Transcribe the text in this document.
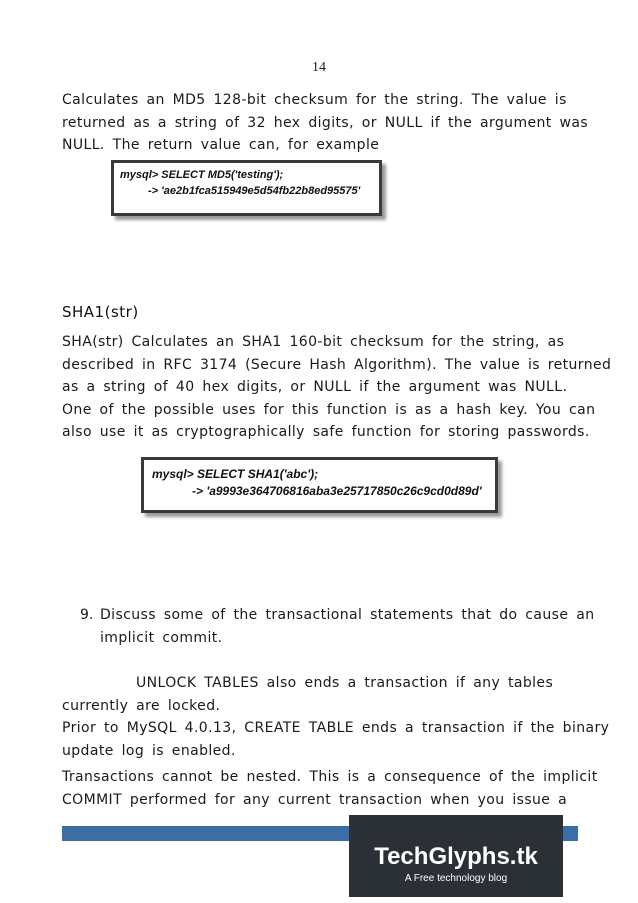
14
Calculates an MD5 128-bit checksum for the string. The value is
returned as a string of 32 hex digits, or NULL if the argument was
NULL. The return value can, for example
mysql> SELECT MD5('testing');
-> 'ae2b1fca515949e5d54fb22b8ed95575'
SHA1(str)
SHA(str) Calculates an SHA1 160-bit checksum for the string, as
described in RFC 3174 (Secure Hash Algorithm). The value is returned
as a string of 40 hex digits, or NULL if the argument was NULL.
One of the possible uses for this function is as a hash key. You can
also use it as cryptographically safe function for storing passwords.
mysql> SELECT SHA1('abc');
-> 'a9993e364706816aba3e25717850c26c9cd0d89d'
9. Discuss some of the transactional statements that do cause an
implicit commit.
UNLOCK TABLES also ends a transaction if any tables
currently are locked.
Prior to MySQL 4.0.13, CREATE TABLE ends a transaction if the binary
update log is enabled.
Transactions cannot be nested. This is a consequence of the implicit
COMMIT performed for any current transaction when you issue a
TechGlyphs.tk
A Free technology blog
